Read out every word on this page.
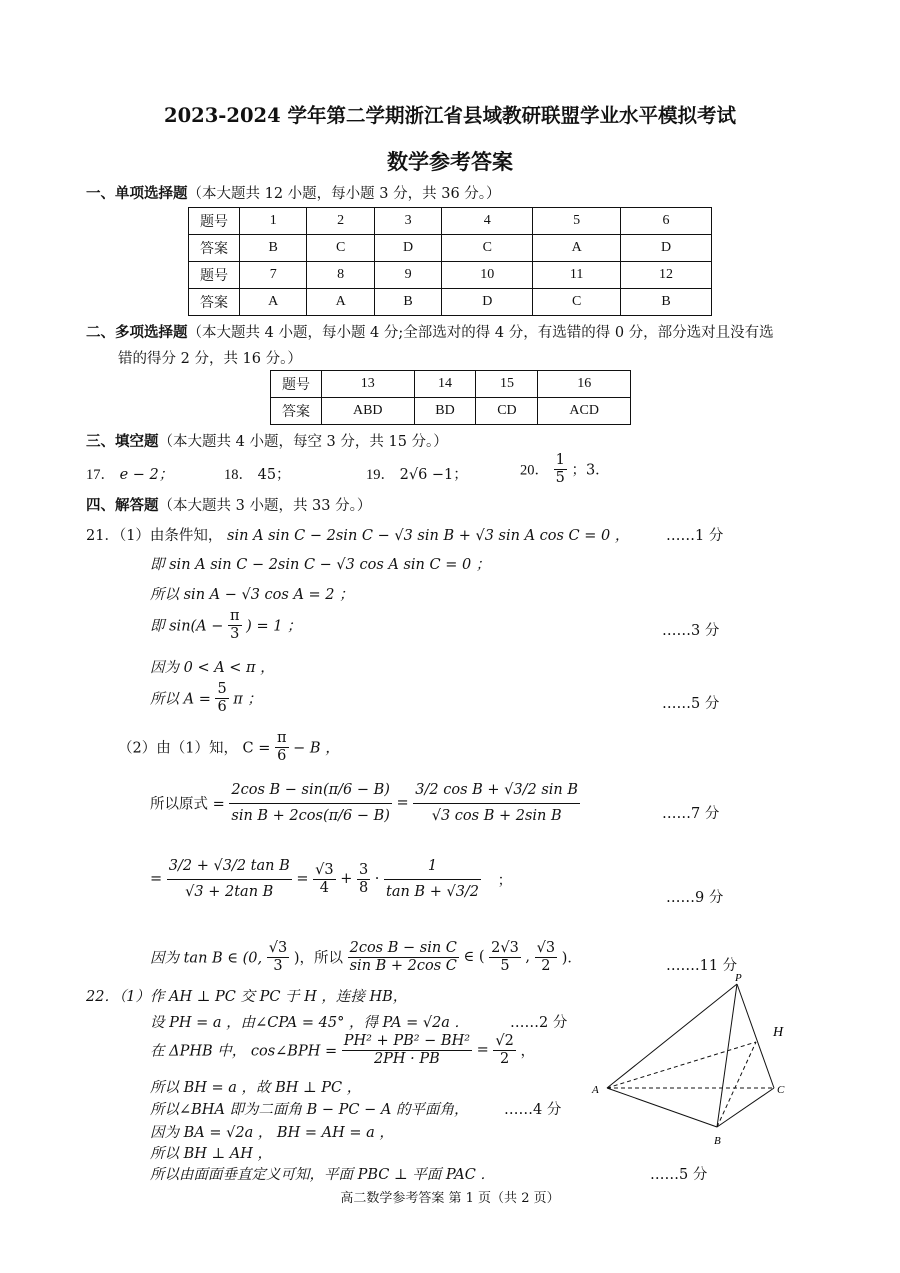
2023-2024 学年第二学期浙江省县域教研联盟学业水平模拟考试
数学参考答案
一、单项选择题（本大题共 12 小题，每小题 3 分，共 36 分。）
题号	1	2	3	4	5	6
答案	B	C	D	C	A	D
题号	7	8	9	10	11	12
答案	A	A	B	D	C	B
二、多项选择题（本大题共 4 小题，每小题 4 分;全部选对的得 4 分，有选错的得 0 分，部分选对且没有选
错的得分 2 分，共 16 分。）
题号	13	14	15	16
答案	ABD	BD	CD	ACD
三、填空题（本大题共 4 小题，每空 3 分，共 15 分。）
17． e − 2；	18． 45；	19． 2√6 −1；	20． $\frac{1}{5}$ ；3．
四、解答题（本大题共 3 小题，共 33 分。）
21．（1）由条件知， sin A sin C − 2sin C − √3 sin B + √3 sin A cos C = 0 ，	……1 分
即 sin A sin C − 2sin C − √3 cos A sin C = 0 ；
所以 sin A − √3 cos A = 2 ；
即 $\sin(A - \frac{\pi}{3}$ ) = 1 ；	……3 分
因为 0 < A < π ，
所以 $A = \frac{5}{6}$ π ；	……5 分
（2）由（1）知， $C = \frac{\pi}{6} - B$ ，
所以原式 = $\frac{\text{2cos B − sin(π/6 − B)}}{\text{sin B + 2cos(π/6 − B)}} = \frac{\text{3/2 cos B + √3/2 sin B}}{\text{√3 cos B + 2sin B}}$	……7 分
= $\frac{\text{3/2 + √3/2 tan B}}{\text{√3 + 2tan B}} = \frac{√3}{4} + \frac{3}{8} \cdot \frac{1}{\text{tan B + √3/2}}$ ；
……9 分
因为 tan B ∈ (0, $\frac{√3}{3}$ )，所以 $\frac{\text{2cos B − sin C}}{\text{sin B + 2cos C}}$ ∈ ( $\frac{2√3}{5}$ , $\frac{√3}{2}$ )．	…….11 分
22．（1）作 AH ⊥ PC 交 PC 于 H ，连接 HB，
设 PH = a ，由∠CPA = 45° ，得 PA = √2a ．	……2 分
在 ΔPHB 中， cos∠BPH = $\frac{\text{PH² + PB² − BH²}}{2PH \cdot PB} = \frac{√2}{2}$ ，
所以 BH = a ，故 BH ⊥ PC ，
所以∠BHA 即为二面角 B − PC − A 的平面角， ……4 分
因为 BA = √2a ， BH = AH = a ，
所以 BH ⊥ AH ，
所以由面面垂直定义可知，平面 PBC ⊥ 平面 PAC ．	……5 分
P
H
A
B
C
高二数学参考答案 第 1 页（共 2 页）
